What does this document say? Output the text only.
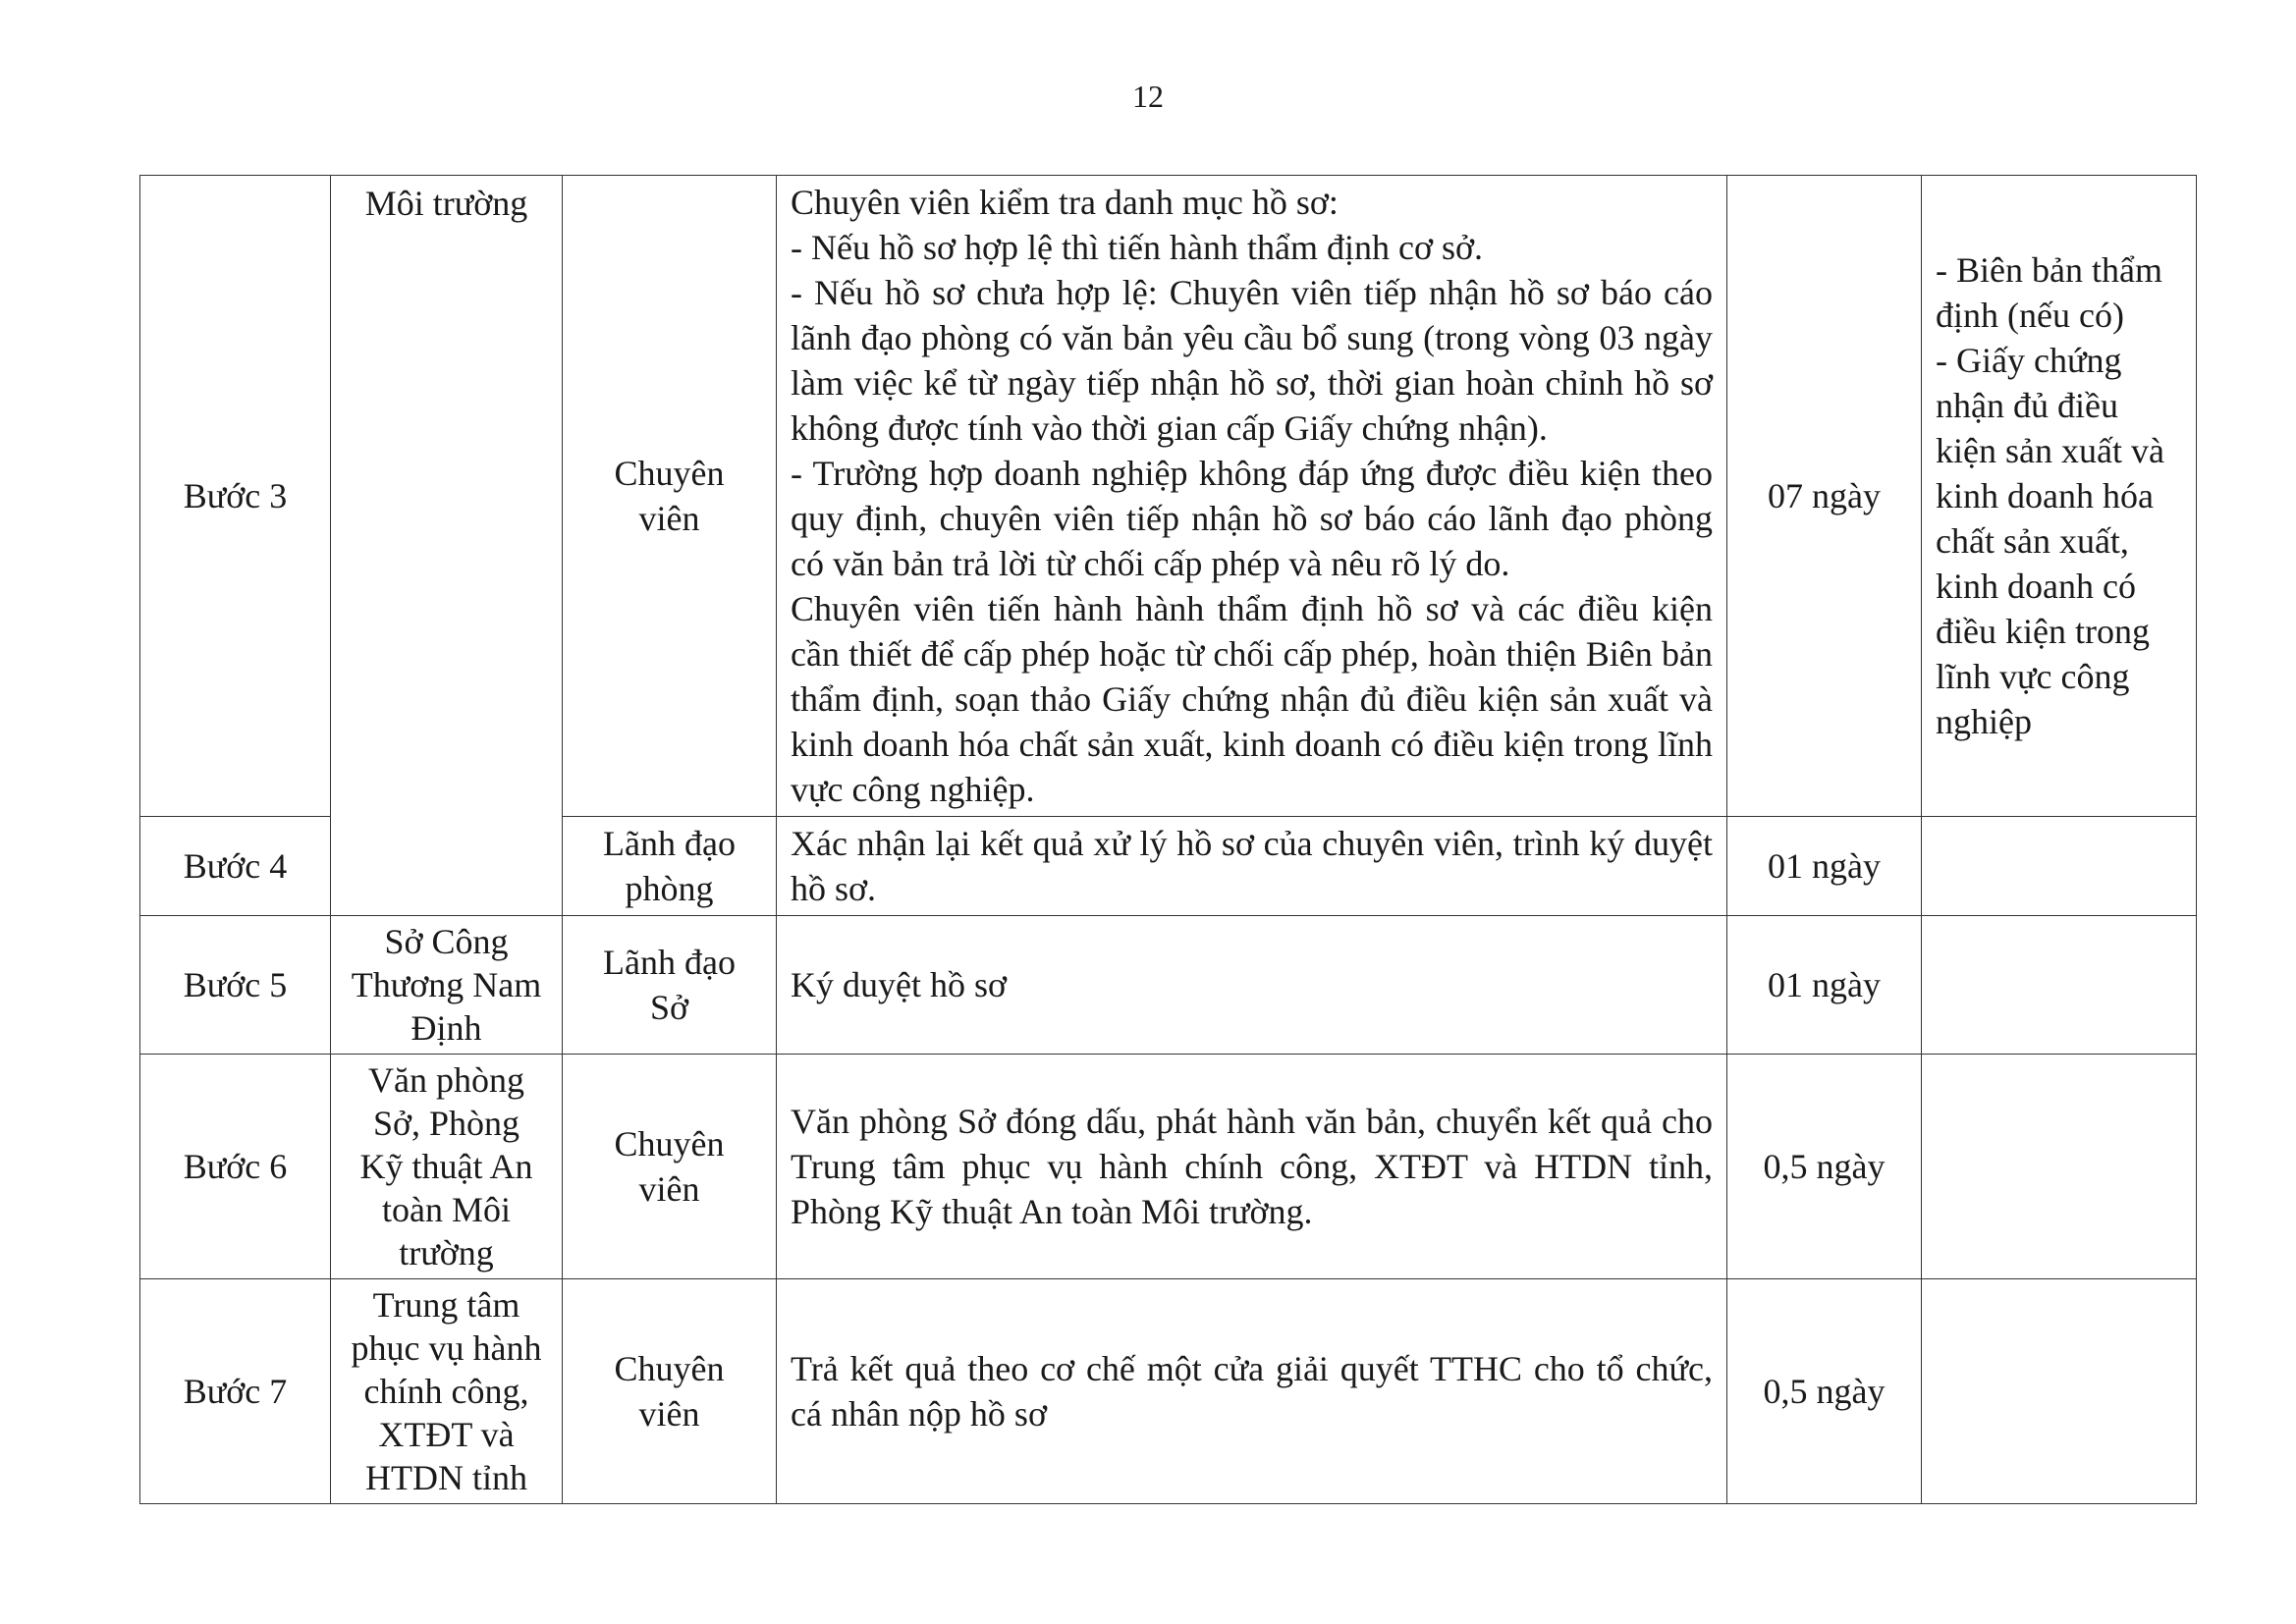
12
Bước 3	Môi trường	Chuyên
viên	Chuyên viên kiểm tra danh mục hồ sơ:
- Nếu hồ sơ hợp lệ thì tiến hành thẩm định cơ sở.
- Nếu hồ sơ chưa hợp lệ: Chuyên viên tiếp nhận hồ sơ báo cáo lãnh đạo phòng có văn bản yêu cầu bổ sung (trong vòng 03 ngày làm việc kể từ ngày tiếp nhận hồ sơ, thời gian hoàn chỉnh hồ sơ không được tính vào thời gian cấp Giấy chứng nhận).
- Trường hợp doanh nghiệp không đáp ứng được điều kiện theo quy định, chuyên viên tiếp nhận hồ sơ báo cáo lãnh đạo phòng có văn bản trả lời từ chối cấp phép và nêu rõ lý do.
Chuyên viên tiến hành hành thẩm định hồ sơ và các điều kiện cần thiết để cấp phép hoặc từ chối cấp phép, hoàn thiện Biên bản thẩm định, soạn thảo Giấy chứng nhận đủ điều kiện sản xuất và kinh doanh hóa chất sản xuất, kinh doanh có điều kiện trong lĩnh vực công nghiệp.	07 ngày	- Biên bản thẩm định (nếu có)
- Giấy chứng nhận đủ điều kiện sản xuất và kinh doanh hóa chất sản xuất, kinh doanh có điều kiện trong lĩnh vực công nghiệp

Bước 4		Lãnh đạo
phòng	Xác nhận lại kết quả xử lý hồ sơ của chuyên viên, trình ký duyệt hồ sơ.	01 ngày	
Bước 5	Sở Công
Thương Nam
Định	Lãnh đạo
Sở	Ký duyệt hồ sơ	01 ngày	
Bước 6	Văn phòng
Sở, Phòng
Kỹ thuật An
toàn Môi
trường	Chuyên
viên	Văn phòng Sở đóng dấu, phát hành văn bản, chuyển kết quả cho Trung tâm phục vụ hành chính công, XTĐT và HTDN tỉnh, Phòng Kỹ thuật An toàn Môi trường.	0,5 ngày	
Bước 7	Trung tâm
phục vụ hành
chính công,
XTĐT và
HTDN tỉnh	Chuyên
viên	Trả kết quả theo cơ chế một cửa giải quyết TTHC cho tổ chức, cá nhân nộp hồ sơ	0,5 ngày	
